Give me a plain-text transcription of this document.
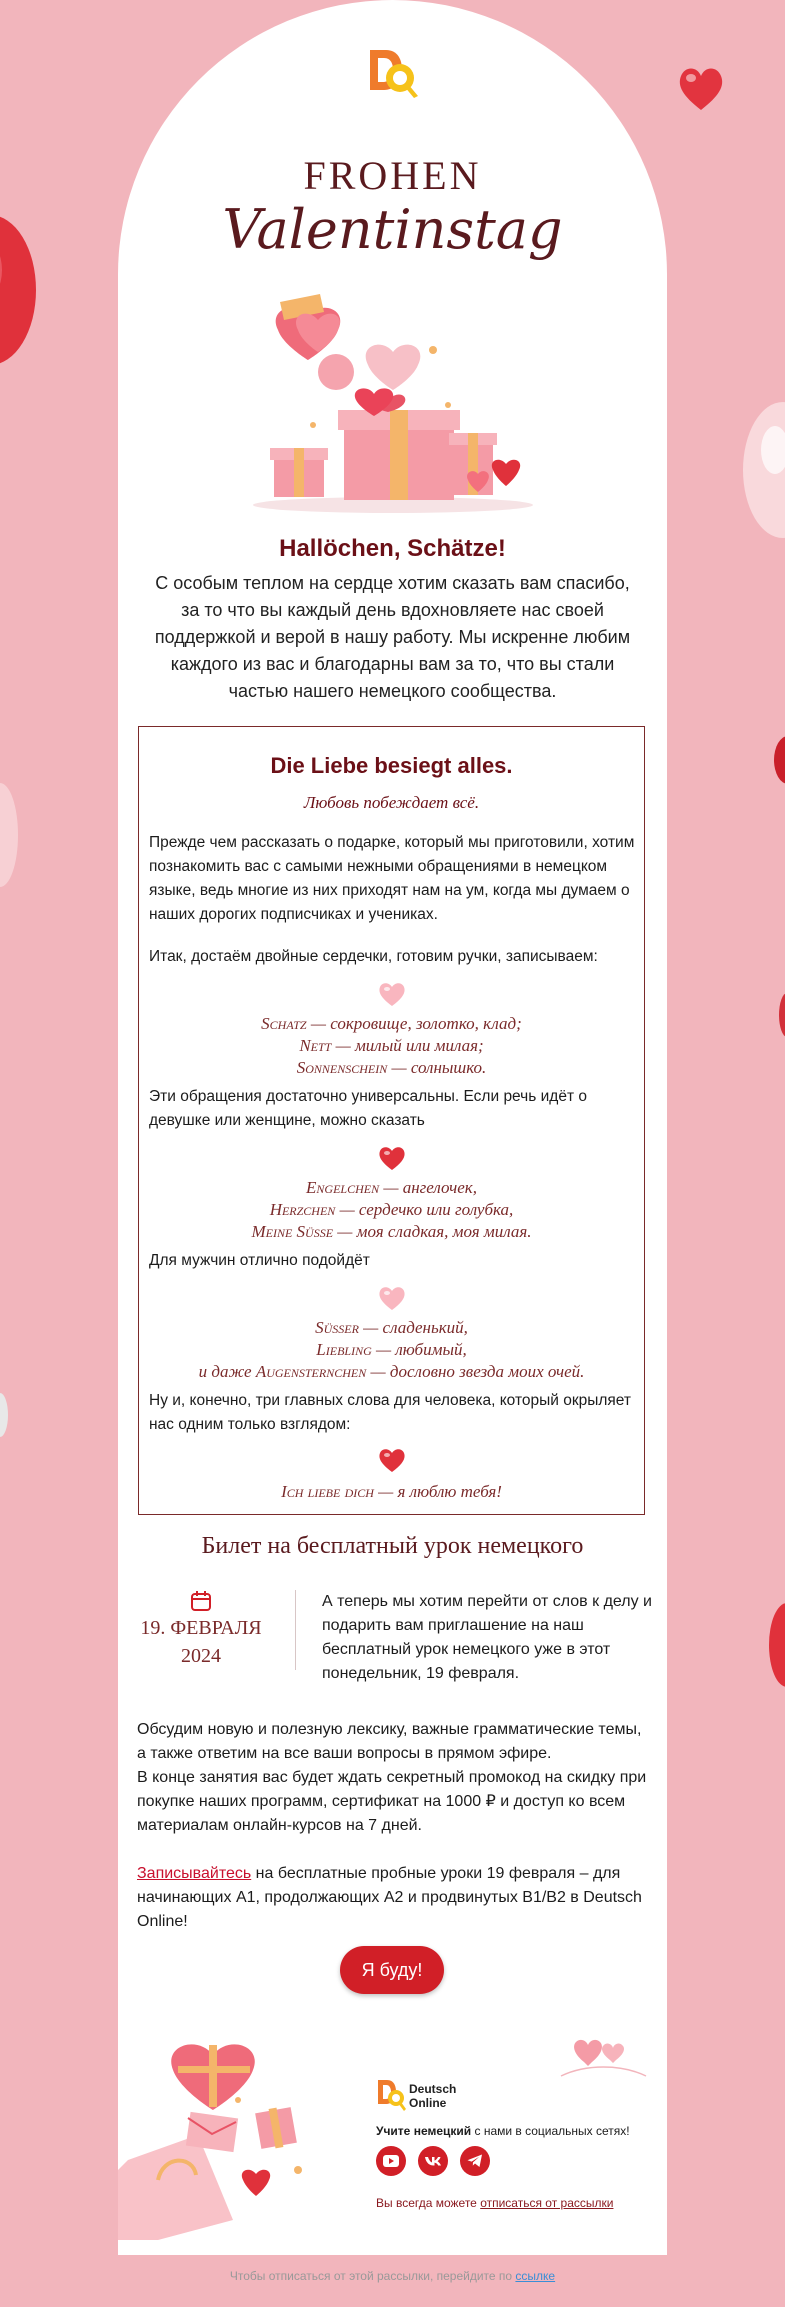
FROHEN
Valentinstag
Hallöchen, Schätze!
С особым теплом на сердце хотим сказать вам спасибо, за то что вы каждый день вдохновляете нас своей поддержкой и верой в нашу работу. Мы искренне любим каждого из вас и благодарны вам за то, что вы стали частью нашего немецкого сообщества.
Die Liebe besiegt alles.
Любовь побеждает всё.
Прежде чем рассказать о подарке, который мы приготовили, хотим познакомить вас с самыми нежными обращениями в немецком языке, ведь многие из них приходят нам на ум, когда мы думаем о наших дорогих подписчиках и учениках.
Итак, достаём двойные сердечки, готовим ручки, записываем:
Schatz — сокровище, золотко, клад;
Nett — милый или милая;
Sonnenschein — солнышко.
Эти обращения достаточно универсальны. Если речь идёт о девушке или женщине, можно сказать
Engelchen — ангелочек,
Herzchen — сердечко или голубка,
Meine Süße — моя сладкая, моя милая.
Для мужчин отлично подойдёт
Süßer — сладенький,
Liebling — любимый,
и даже Augensternchen — дословно звезда моих очей.
Ну и, конечно, три главных слова для человека, который окрыляет нас одним только взглядом:
Ich liebe dich — я люблю тебя!
Билет на бесплатный урок немецкого
19. ФЕВРАЛЯ
2024
А теперь мы хотим перейти от слов к делу и подарить вам приглашение на наш бесплатный урок немецкого уже в этот понедельник, 19 февраля.
Обсудим новую и полезную лексику, важные грамматические темы, а также ответим на все ваши вопросы в прямом эфире.
В конце занятия вас будет ждать секретный промокод на скидку при покупке наших программ, сертификат на 1000 ₽ и доступ ко всем материалам онлайн-курсов на 7 дней.
Записывайтесь на бесплатные пробные уроки 19 февраля – для начинающих A1, продолжающих A2 и продвинутых B1/B2 в Deutsch Online!
Я буду!
Deutsch
Online
Учите немецкий с нами в социальных сетях!
Вы всегда можете отписаться от рассылки
Чтобы отписаться от этой рассылки, перейдите по ссылке
